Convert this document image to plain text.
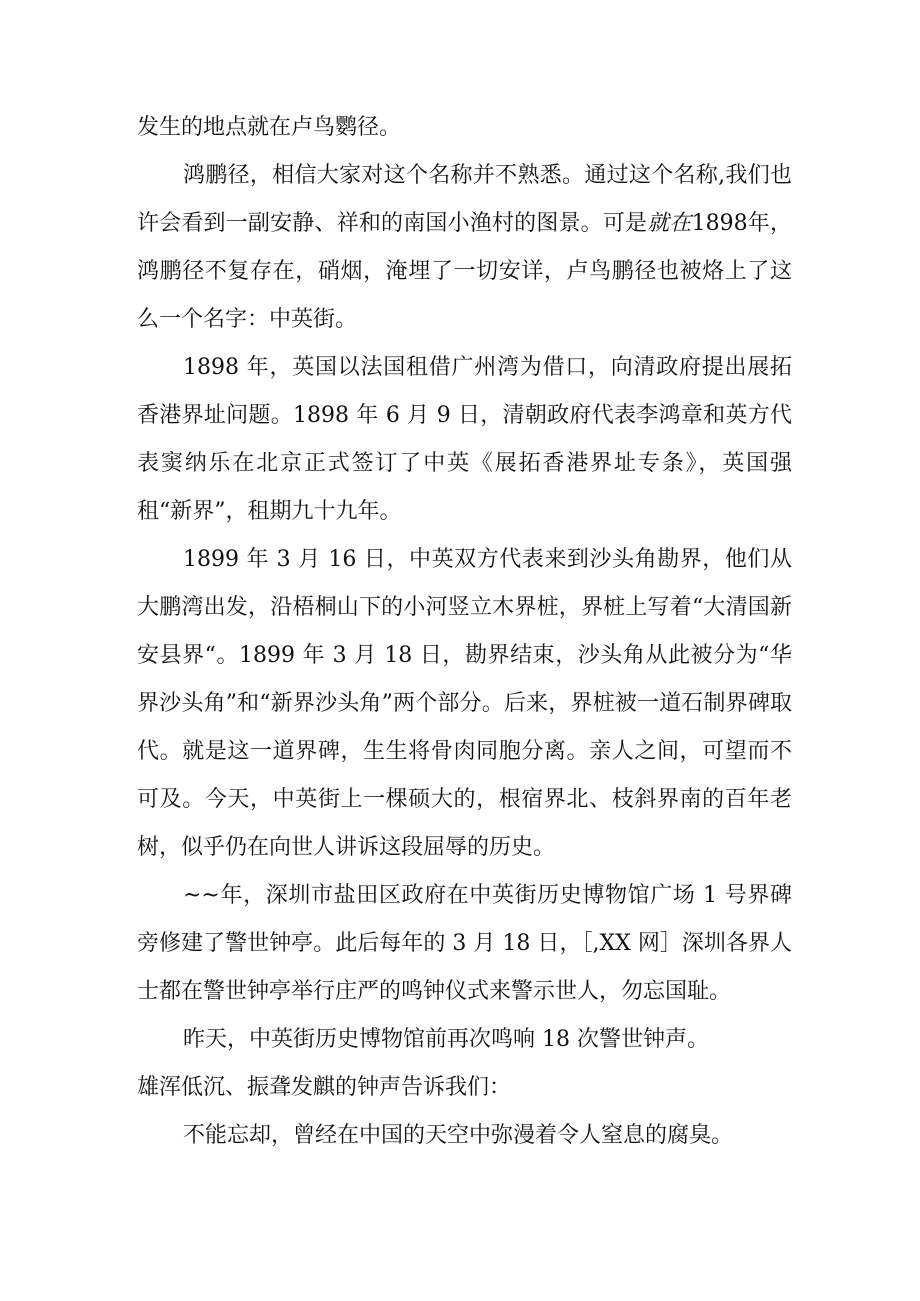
发生的地点就在卢鸟鹦径。

鸿鹏径，相信大家对这个名称并不熟悉。通过这个名称,我们也许会看到一副安静、祥和的南国小渔村的图景。可是就在1898年，鸿鹏径不复存在，硝烟，淹埋了一切安详，卢鸟鹏径也被烙上了这么一个名字：中英街。

1898 年，英国以法国租借广州湾为借口，向清政府提出展拓香港界址问题。1898 年 6 月 9 日，清朝政府代表李鸿章和英方代表窦纳乐在北京正式签订了中英《展拓香港界址专条》，英国强租“新界”，租期九十九年。

1899 年 3 月 16 日，中英双方代表来到沙头角勘界，他们从大鹏湾出发，沿梧桐山下的小河竖立木界桩，界桩上写着“大清国新安县界“。1899 年 3 月 18 日，勘界结束，沙头角从此被分为“华界沙头角”和“新界沙头角”两个部分。后来，界桩被一道石制界碑取代。就是这一道界碑，生生将骨肉同胞分离。亲人之间，可望而不可及。今天，中英街上一棵硕大的，根宿界北、枝斜界南的百年老树，似乎仍在向世人讲诉这段屈辱的历史。

~~年，深圳市盐田区政府在中英街历史博物馆广场 1 号界碑旁修建了警世钟亭。此后每年的 3 月 18 日，［,XX 网］深圳各界人士都在警世钟亭举行庄严的鸣钟仪式来警示世人，勿忘国耻。

昨天，中英街历史博物馆前再次鸣响 18 次警世钟声。

雄浑低沉、振聋发麒的钟声告诉我们：

不能忘却，曾经在中国的天空中弥漫着令人窒息的腐臭。
